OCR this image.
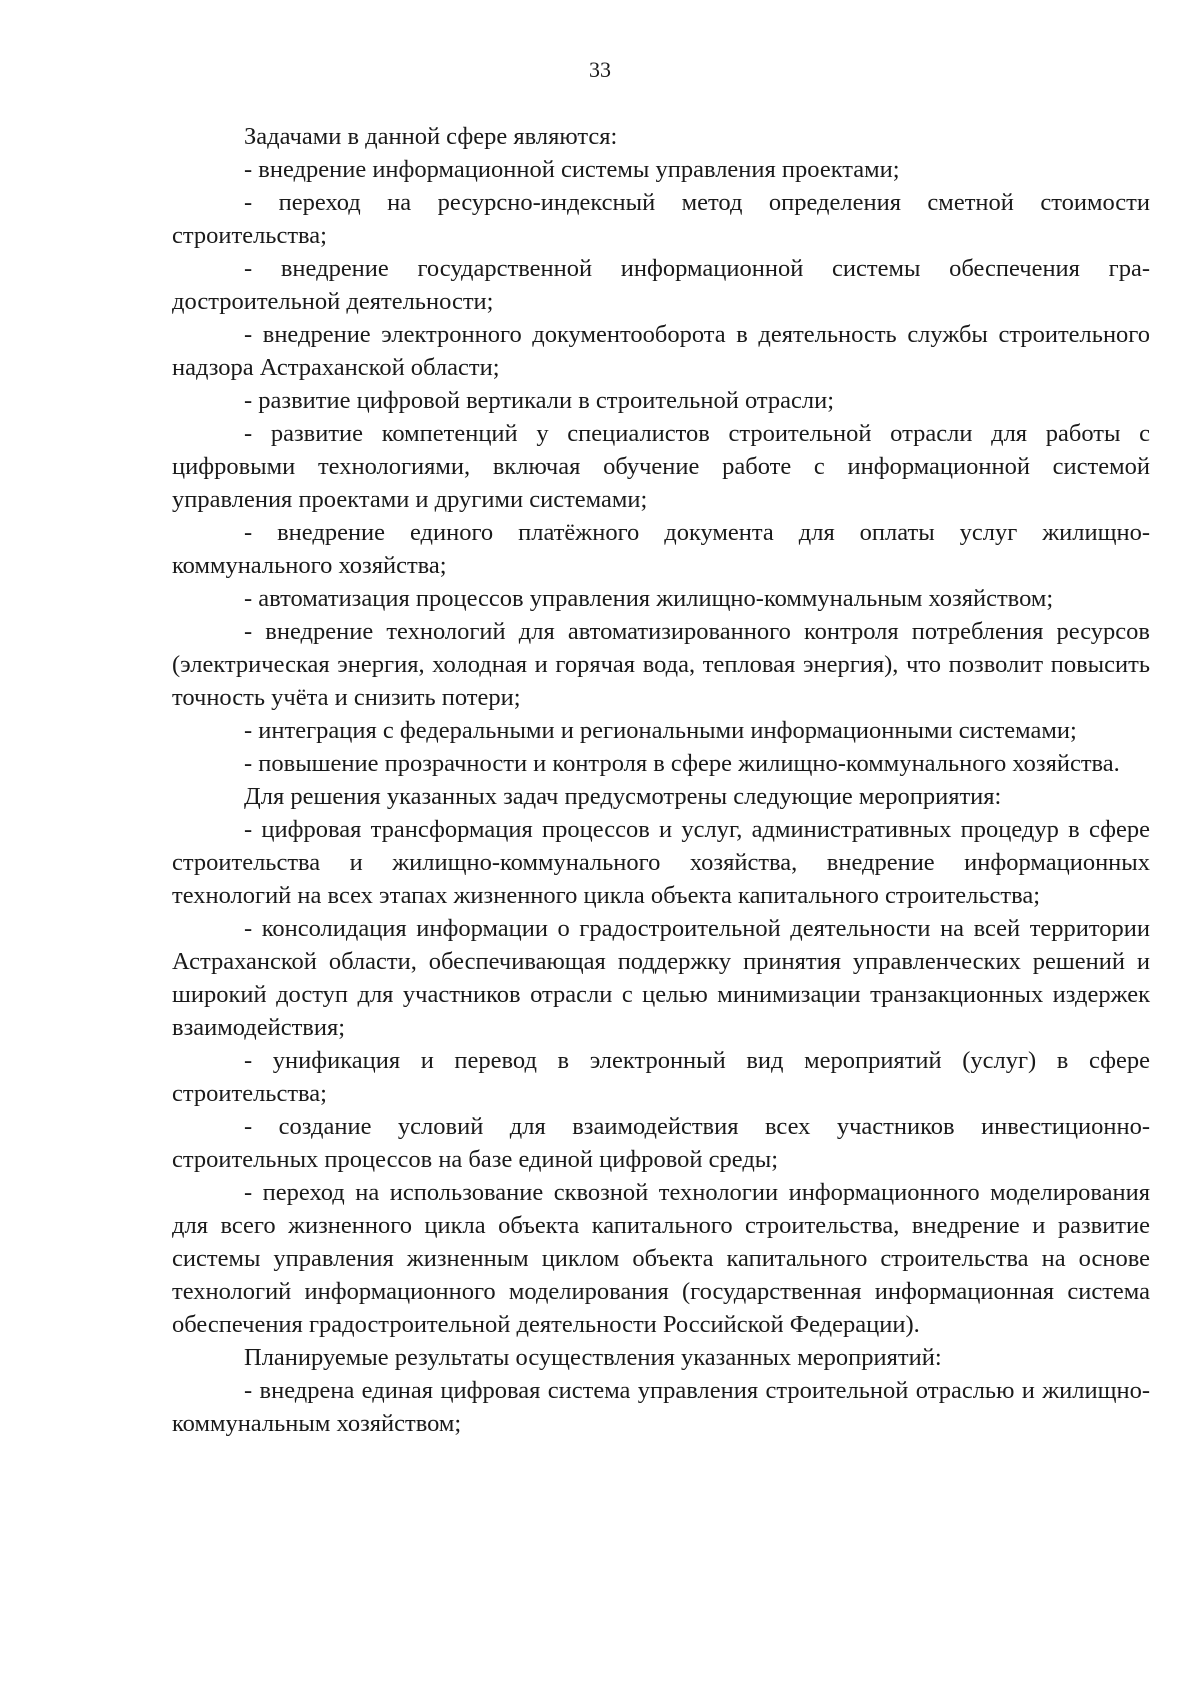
33

Задачами в данной сфере являются:

- внедрение информационной системы управления проектами;

- переход на ресурсно-индексный метод определения сметной стоимости строительства;

- внедрение государственной информационной системы обеспечения градостроительной деятельности;

- внедрение электронного документооборота в деятельность службы строительного надзора Астраханской области;

- развитие цифровой вертикали в строительной отрасли;

- развитие компетенций у специалистов строительной отрасли для работы с цифровыми технологиями, включая обучение работе с информационной системой управления проектами и другими системами;

- внедрение единого платёжного документа для оплаты услуг жилищно-коммунального хозяйства;

- автоматизация процессов управления жилищно-коммунальным хозяйством;

- внедрение технологий для автоматизированного контроля потребления ресурсов (электрическая энергия, холодная и горячая вода, тепловая энергия), что позволит повысить точность учёта и снизить потери;

- интеграция с федеральными и региональными информационными системами;

- повышение прозрачности и контроля в сфере жилищно-коммунального хозяйства.

Для решения указанных задач предусмотрены следующие мероприятия:

- цифровая трансформация процессов и услуг, административных процедур в сфере строительства и жилищно-коммунального хозяйства, внедрение информационных технологий на всех этапах жизненного цикла объекта капитального строительства;

- консолидация информации о градостроительной деятельности на всей территории Астраханской области, обеспечивающая поддержку принятия управленческих решений и широкий доступ для участников отрасли с целью минимизации транзакционных издержек взаимодействия;

- унификация и перевод в электронный вид мероприятий (услуг) в сфере строительства;

- создание условий для взаимодействия всех участников инвестиционно-строительных процессов на базе единой цифровой среды;

- переход на использование сквозной технологии информационного моделирования для всего жизненного цикла объекта капитального строительства, внедрение и развитие системы управления жизненным циклом объекта капитального строительства на основе технологий информационного моделирования (государственная информационная система обеспечения градостроительной деятельности Российской Федерации).

Планируемые результаты осуществления указанных мероприятий:

- внедрена единая цифровая система управления строительной отраслью и жилищно-коммунальным хозяйством;
